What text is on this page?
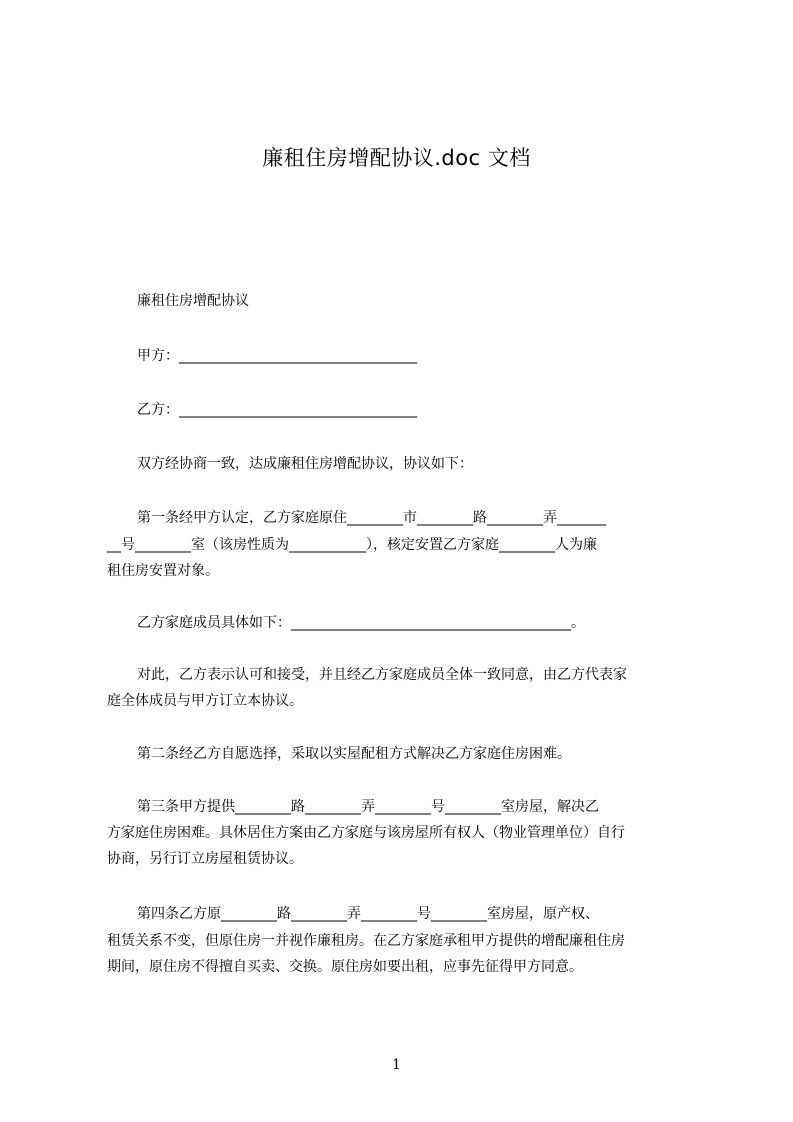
廉租住房增配协议.doc 文档
廉租住房增配协议
甲方：__________________________________
乙方：__________________________________
双方经协商一致，达成廉租住房增配协议，协议如下：
第一条经甲方认定，乙方家庭原住________市________路________弄_______
__号________室（该房性质为___________），核定安置乙方家庭________人为廉
租住房安置对象。
乙方家庭成员具体如下：________________________________________。
对此，乙方表示认可和接受，并且经乙方家庭成员全体一致同意，由乙方代表家
庭全体成员与甲方订立本协议。
第二条经乙方自愿选择，采取以实屋配租方式解决乙方家庭住房困难。
第三条甲方提供________路________弄________号________室房屋，解决乙
方家庭住房困难。具休居住方案由乙方家庭与该房屋所有权人（物业管理单位）自行
协商，另行订立房屋租赁协议。
第四条乙方原________路________弄________号________室房屋，原产权、
租赁关系不变，但原住房一并视作廉租房。在乙方家庭承租甲方提供的增配廉租住房
期间，原住房不得擅自买卖、交换。原住房如要出租，应事先征得甲方同意。
1
